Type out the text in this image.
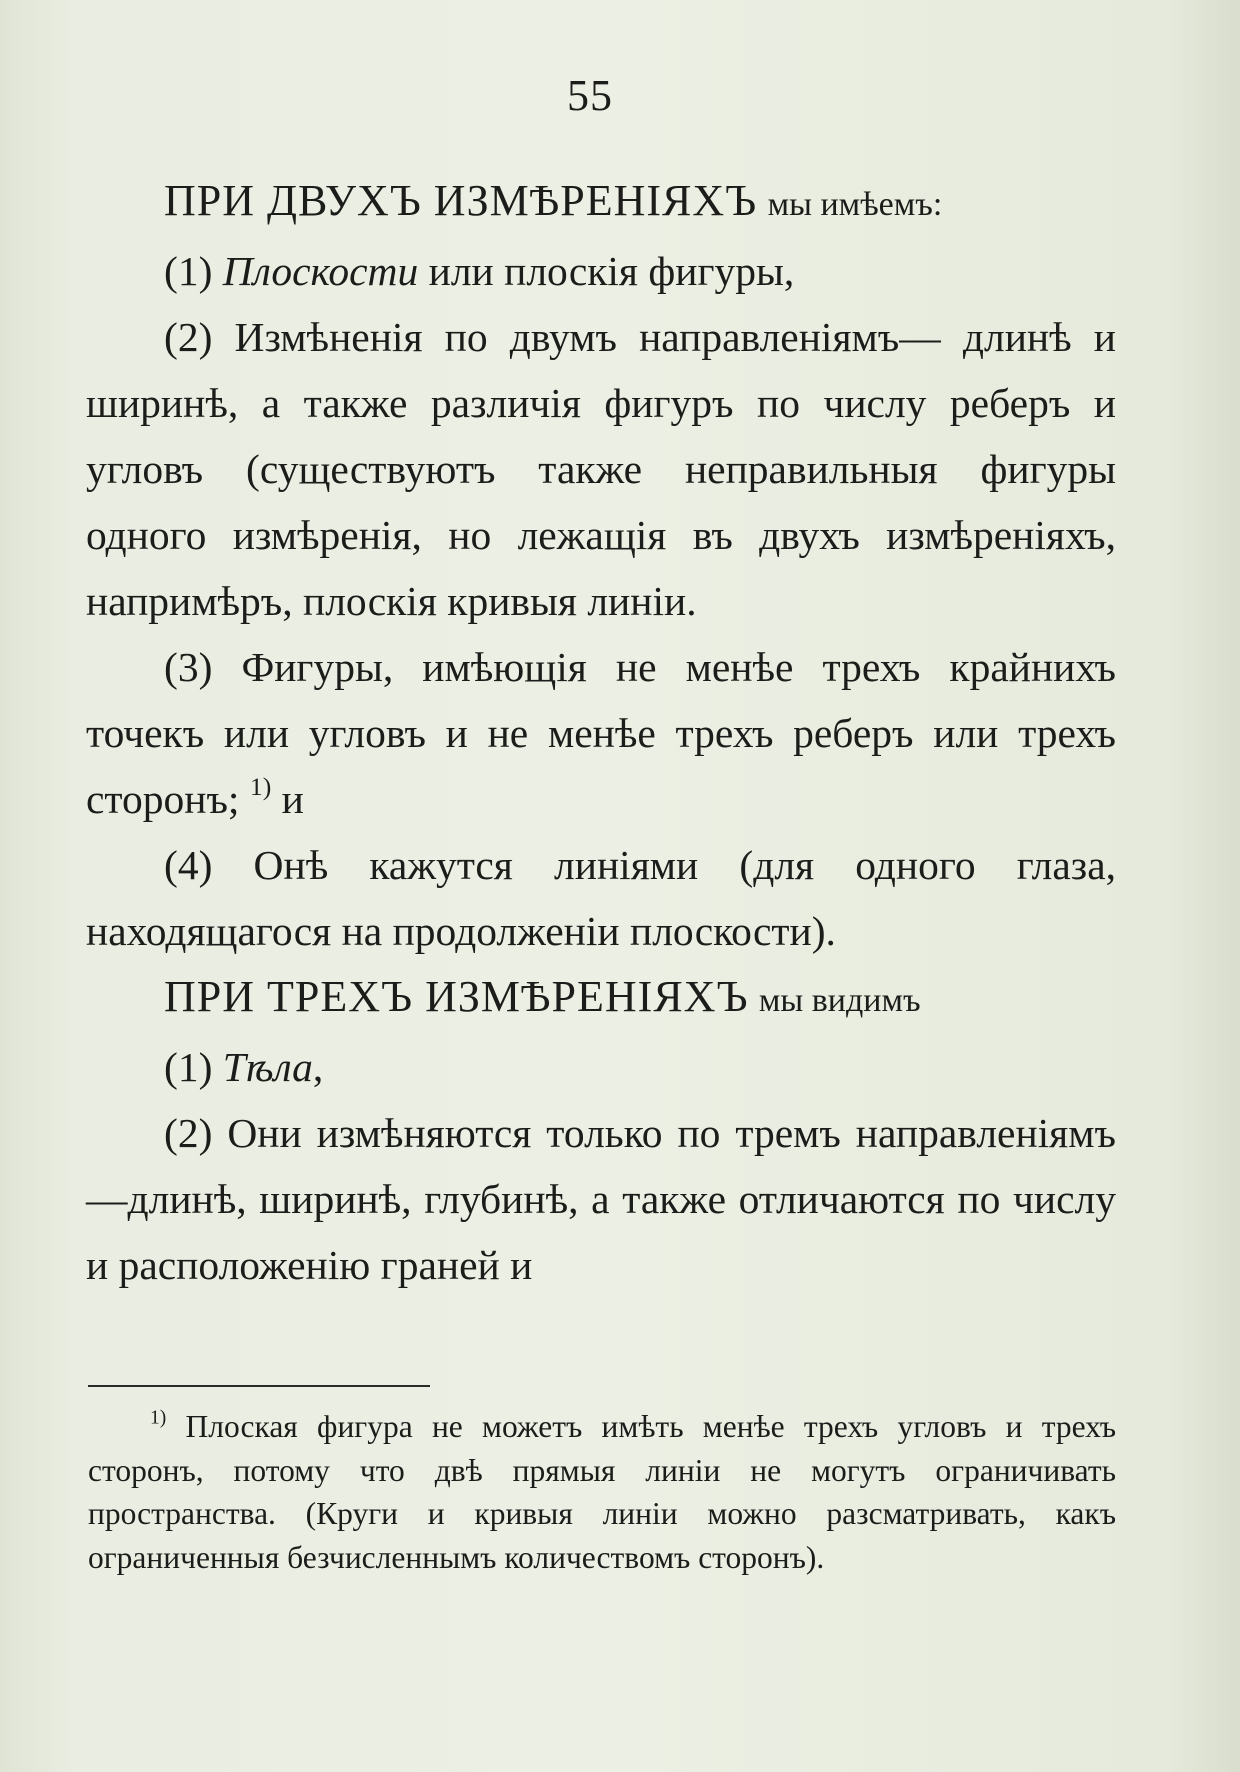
55

ПРИ ДВУХЪ ИЗМѢРЕНІЯХЪ мы имѣемъ:

(1) Плоскости или плоскія фигуры,

(2) Измѣненія по двумъ направленіямъ— длинѣ и ширинѣ, а также различія фигуръ по числу реберъ и угловъ (существуютъ также неправильныя фигуры одного измѣренія, но лежащія въ двухъ измѣреніяхъ, напримѣръ, плоскія кривыя линіи.

(3) Фигуры, имѣющія не менѣе трехъ крайнихъ точекъ или угловъ и не менѣе трехъ реберъ или трехъ сторонъ; $^{1)}$ и

(4) Онѣ кажутся линіями (для одного глаза, находящагося на продолженіи плоскости).

ПРИ ТРЕХЪ ИЗМѢРЕНІЯХЪ мы видимъ

(1) Тѣла,

(2) Они измѣняются только по тремъ направленіямъ—длинѣ, ширинѣ, глубинѣ, а также отличаются по числу и расположенію граней и

$^{1)}$ Плоская фигура не можетъ имѣть менѣе трехъ угловъ и трехъ сторонъ, потому что двѣ прямыя линіи не могутъ ограничивать пространства. (Круги и кривыя линіи можно разсматривать, какъ ограниченныя безчисленнымъ количествомъ сторонъ).
